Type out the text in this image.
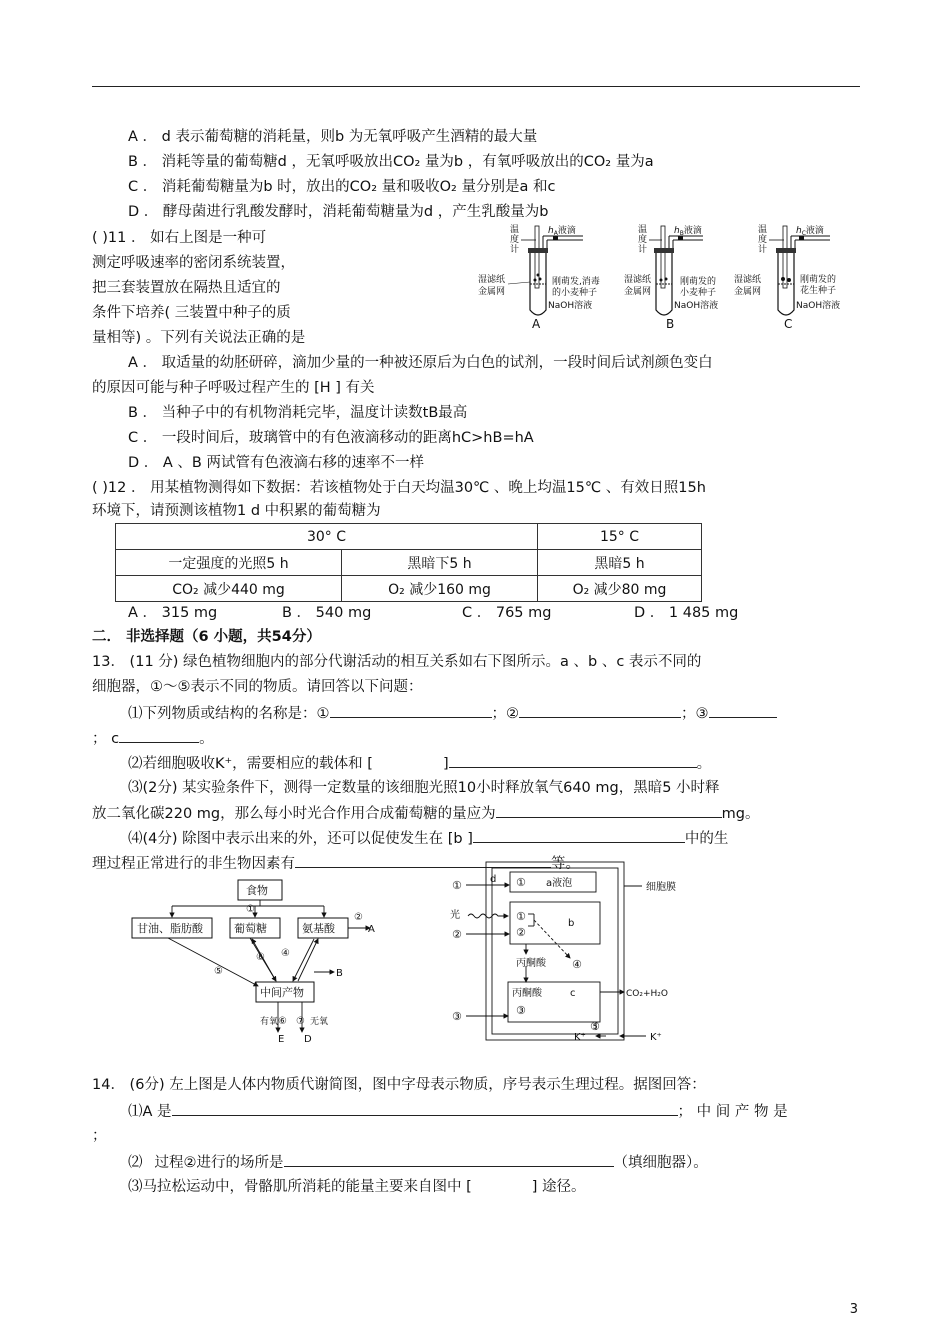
A ． d 表示葡萄糖的消耗量，则b 为无氧呼吸产生酒精的最大量
B ． 消耗等量的葡萄糖d ，无氧呼吸放出CO₂ 量为b ，有氧呼吸放出的CO₂ 量为a
C ． 消耗葡萄糖量为b 时，放出的CO₂ 量和吸收O₂ 量分别是a 和c
D ． 酵母菌进行乳酸发酵时，消耗葡萄糖量为d ，产生乳酸量为b
( )11 ． 如右上图是一种可
测定呼吸速率的密闭系统装置，
把三套装置放在隔热且适宜的
条件下培养( 三装置中种子的质
量相等) 。下列有关说法正确的是
温
度
计
$h_A$液滴
湿滤纸
金属网
刚萌发,消毒
的小麦种子
NaOH溶液
A
温
度
计
$h_B$液滴
湿滤纸
金属网
刚萌发的
小麦种子
NaOH溶液
B
温
度
计
$h_C$液滴
湿滤纸
金属网
刚萌发的
花生种子
NaOH溶液
C
A ． 取适量的幼胚研碎，滴加少量的一种被还原后为白色的试剂，一段时间后试剂颜色变白
的原因可能与种子呼吸过程产生的 [H ] 有关
B ． 当种子中的有机物消耗完毕，温度计读数tB最高
C ． 一段时间后，玻璃管中的有色液滴移动的距离hC>hB=hA
D ． A 、B 两试管有色液滴右移的速率不一样
( )12 ． 用某植物测得如下数据：若该植物处于白天均温30℃ 、晚上均温15℃ 、有效日照15h
环境下，请预测该植物1 d 中积累的葡萄糖为
30° C		15° C
一定强度的光照5 h	黑暗下5 h	黑暗5 h
CO₂ 减少440 mg	O₂ 减少160 mg	O₂ 减少80 mg
A ． 315 mg	B ． 540 mg	C ． 765 mg	D ． 1 485 mg
二． 非选择题（6 小题，共54分）
13． (11 分) 绿色植物细胞内的部分代谢活动的相互关系如右下图所示。a 、b 、c 表示不同的
细胞器，①～⑤表示不同的物质。请回答以下问题：
⑴下列物质或结构的名称是：①	；②	；③
； c	。
⑵若细胞吸收K⁺，需要相应的载体和 [	]	。
⑶(2分) 某实验条件下，测得一定数量的该细胞光照10小时释放氧气640 mg，黑暗5 小时释
放二氧化碳220 mg，那么每小时光合作用合成葡萄糖的量应为	mg。
⑷(4分) 除图中表示出来的外，还可以促使发生在 [b ]	中的生
理过程正常进行的非生物因素有	等。
食物
甘油、脂肪酸	葡萄糖	氨基酸
中间产物
①
②
A
④
⑤
⑧
B
有氧 ⑥ ⑦ 无氧
E D
①	d ① a液泡	细胞膜
光	①
②	②
b
丙酮酸 ④
丙酮酸	c
③
③
CO₂+H₂O
⑤
K⁺	K⁺
14． (6分) 左上图是人体内物质代谢简图，图中字母表示物质，序号表示生理过程。据图回答：
⑴A 是	； 中 间 产 物 是
；
⑵ 过程②进行的场所是	（填细胞器）。
⑶马拉松运动中，骨骼肌所消耗的能量主要来自图中 [	] 途径。
3
